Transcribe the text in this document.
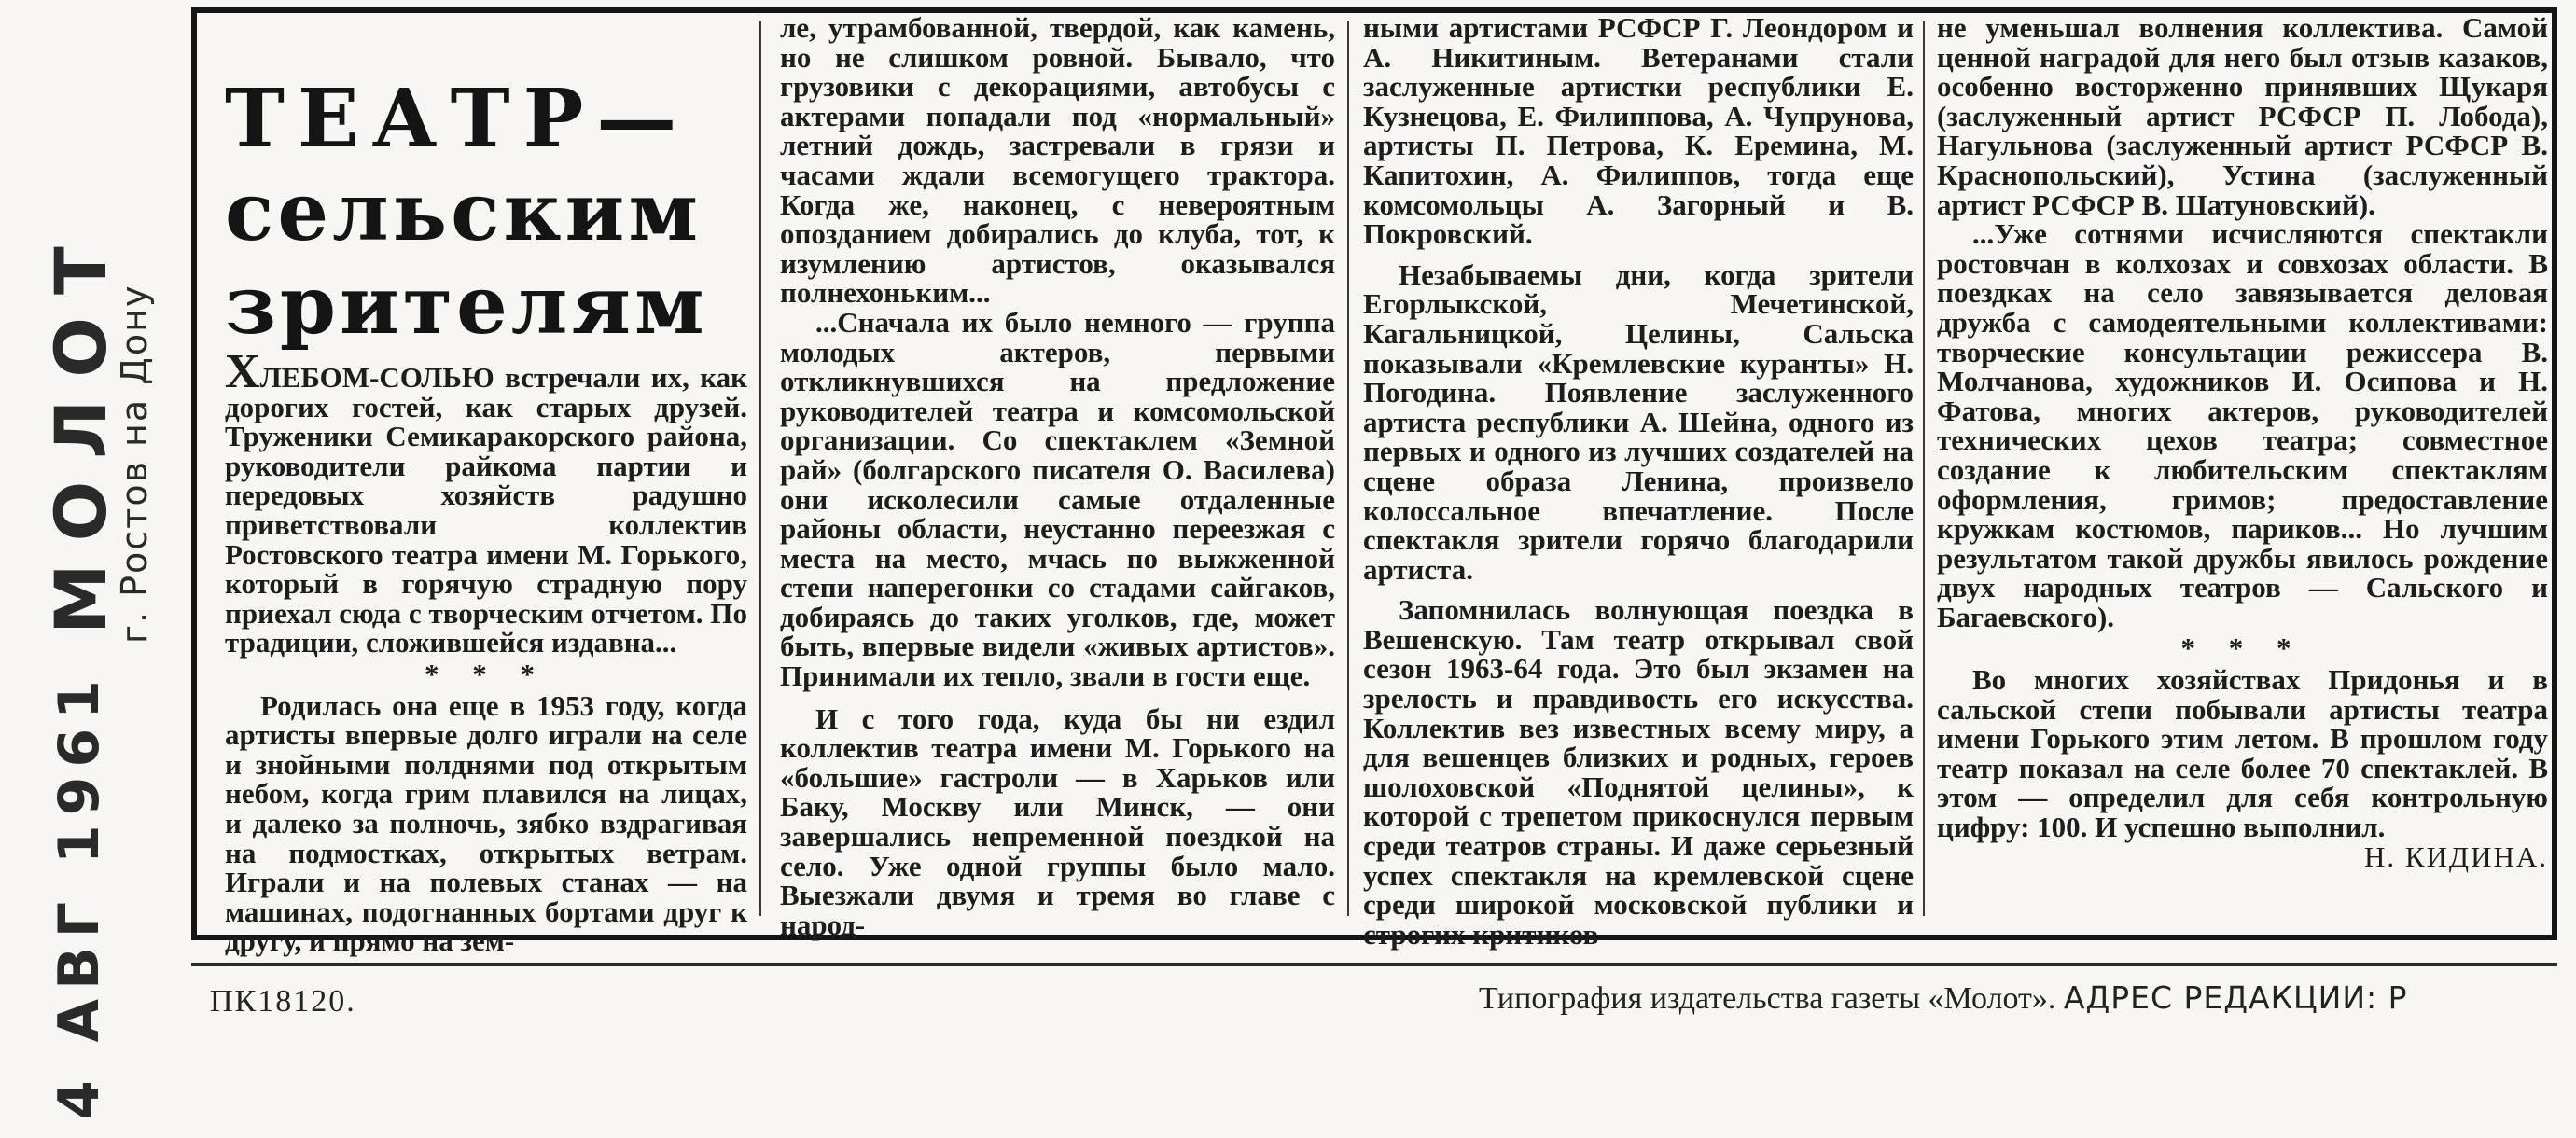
МОЛОТ
г. Ростов на Дону
4 АВГ 1961
ТЕАТР—
сельским
зрителям

ХЛЕБОМ-СОЛЬЮ встречали их, как дорогих гостей, как старых друзей. Труженики Семикаракорского района, руководители райкома партии и передовых хозяйств радушно приветствовали коллектив Ростовского театра имени М. Горького, который в горячую страдную пору приехал сюда с творческим отчетом. По традиции, сложившейся издавна...

* * *

Родилась она еще в 1953 году, когда артисты впервые долго играли на селе и знойными полднями под открытым небом, когда грим плавился на лицах, и далеко за полночь, зябко вздрагивая на подмостках, открытых ветрам. Играли и на полевых станах — на машинах, подогнанных бортами друг к другу, и прямо на зем-

ле, утрамбованной, твердой, как камень, но не слишком ровной. Бывало, что грузовики с декорациями, автобусы с актерами попадали под «нормальный» летний дождь, застревали в грязи и часами ждали всемогущего трактора. Когда же, наконец, с невероятным опозданием добирались до клуба, тот, к изумлению артистов, оказывался полнехоньким...

...Сначала их было немного — группа молодых актеров, первыми откликнувшихся на предложение руководителей театра и комсомольской организации. Со спектаклем «Земной рай» (болгарского писателя О. Василева) они исколесили самые отдаленные районы области, неустанно переезжая с места на место, мчась по выжженной степи наперегонки со стадами сайгаков, добираясь до таких уголков, где, может быть, впервые видели «живых артистов». Принимали их тепло, звали в гости еще.

И с того года, куда бы ни ездил коллектив театра имени М. Горького на «большие» гастроли — в Харьков или Баку, Москву или Минск, — они завершались непременной поездкой на село. Уже одной группы было мало. Выезжали двумя и тремя во главе с народ-

ными артистами РСФСР Г. Леондором и А. Никитиным. Ветеранами стали заслуженные артистки республики Е. Кузнецова, Е. Филиппова, А. Чупрунова, артисты П. Петрова, К. Еремина, М. Капитохин, А. Филиппов, тогда еще комсомольцы А. Загорный и В. Покровский.

Незабываемы дни, когда зрители Егорлыкской, Мечетинской, Кагальницкой, Целины, Сальска показывали «Кремлевские куранты» Н. Погодина. Появление заслуженного артиста республики А. Шейна, одного из первых и одного из лучших создателей на сцене образа Ленина, произвело колоссальное впечатление. После спектакля зрители горячо благодарили артиста.

Запомнилась волнующая поездка в Вешенскую. Там театр открывал свой сезон 1963-64 года. Это был экзамен на зрелость и правдивость его искусства. Коллектив вез известных всему миру, а для вешенцев близких и родных, героев шолоховской «Поднятой целины», к которой с трепетом прикоснулся первым среди театров страны. И даже серьезный успех спектакля на кремлевской сцене среди широкой московской публики и строгих критиков

не уменьшал волнения коллектива. Самой ценной наградой для него был отзыв казаков, особенно восторженно принявших Щукаря (заслуженный артист РСФСР П. Лобода), Нагульнова (заслуженный артист РСФСР В. Краснопольский), Устина (заслуженный артист РСФСР В. Шатуновский).

...Уже сотнями исчисляются спектакли ростовчан в колхозах и совхозах области. В поездках на село завязывается деловая дружба с самодеятельными коллективами: творческие консультации режиссера В. Молчанова, художников И. Осипова и Н. Фатова, многих актеров, руководителей технических цехов театра; совместное создание к любительским спектаклям оформления, гримов; предоставление кружкам костюмов, париков... Но лучшим результатом такой дружбы явилось рождение двух народных театров — Сальского и Багаевского).

* * *

Во многих хозяйствах Придонья и в сальской степи побывали артисты театра имени Горького этим летом. В прошлом году театр показал на селе более 70 спектаклей. В этом — определил для себя контрольную цифру: 100. И успешно выполнил.

Н. КИДИНА.

ПК18120.	Типография издательства газеты «Молот». АДРЕС РЕДАКЦИИ: Р
